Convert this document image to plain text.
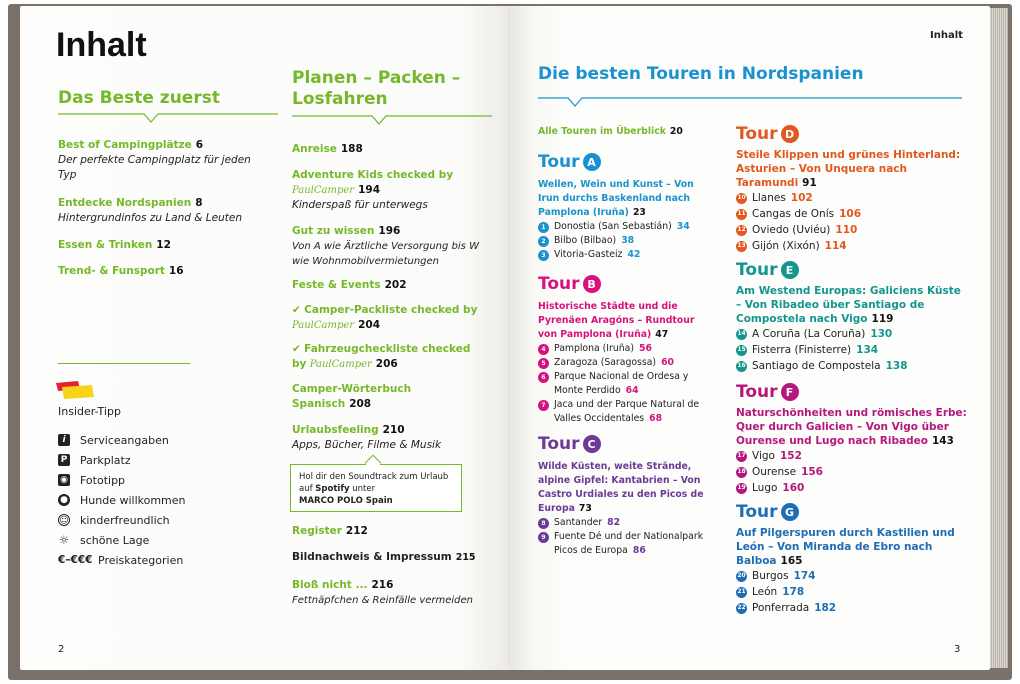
Inhalt
Das Beste zuerst
Best of Campingplätze 6
Der perfekte Campingplatz für jeden Typ
Entdecke Nordspanien 8
Hintergrundinfos zu Land & Leuten
Essen & Trinken 12
Trend- & Funsport 16
Insider-Tipp
i	Serviceangaben
P Parkplatz
◉ Fototipp
● Hunde willkommen
☺ kinderfreundlich
☼ schöne Lage
€–€€€ Preiskategorien
Planen – Packen – Losfahren
Anreise 188
Adventure Kids checked by PaulCamper 194
Kinderspaß für unterwegs
Gut zu wissen 196
Von A wie Ärztliche Versorgung bis W wie Wohnmobilvermietungen
Feste & Events 202
✔ Camper-Packliste checked by PaulCamper 204
✔ Fahrzeugcheckliste checked by PaulCamper 206
Camper-Wörterbuch Spanisch 208
Urlaubsfeeling 210
Apps, Bücher, Filme & Musik
Hol dir den Soundtrack zum Urlaub
auf Spotify unter
MARCO POLO Spain
Register 212
Bildnachweis & Impressum 215
Bloß nicht ... 216
Fettnäpfchen & Reinfälle vermeiden
2
Inhalt
Die besten Touren in Nordspanien
Alle Touren im Überblick 20
Tour A
Wellen, Wein und Kunst – Von Irun durchs Baskenland nach Pamplona (Iruña) 23
1 Donostia (San Sebastián) 34
2 Bilbo (Bilbao) 38
3 Vitoria-Gasteiz 42
Tour B
Historische Städte und die Pyrenäen Aragóns – Rundtour von Pamplona (Iruña) 47
4 Pamplona (Iruña) 56
5 Zaragoza (Saragossa) 60
6 Parque Nacional de Ordesa y Monte Perdido 64
7 Jaca und der Parque Natural de Valles Occidentales 68
Tour C
Wilde Küsten, weite Strände, alpine Gipfel: Kantabrien – Von Castro Urdiales zu den Picos de Europa 73
8 Santander 82
9 Fuente Dé und der Nationalpark Picos de Europa 86
Tour D
Steile Klippen und grünes Hinterland: Asturien – Von Unquera nach Taramundi 91
10 Llanes 102
11 Cangas de Onís 106
12 Oviedo (Uviéu) 110
13 Gijón (Xixón) 114
Tour E
Am Westend Europas: Galiciens Küste – Von Ribadeo über Santiago de Compostela nach Vigo 119
14 A Coruña (La Coruña) 130
15 Fisterra (Finisterre) 134
16 Santiago de Compostela 138
Tour F
Naturschönheiten und römisches Erbe: Quer durch Galicien – Von Vigo über Ourense und Lugo nach Ribadeo 143
17 Vigo 152
18 Ourense 156
19 Lugo 160
Tour G
Auf Pilgerspuren durch Kastilien und León – Von Miranda de Ebro nach Balboa 165
20 Burgos 174
21 León 178
22 Ponferrada 182
3
